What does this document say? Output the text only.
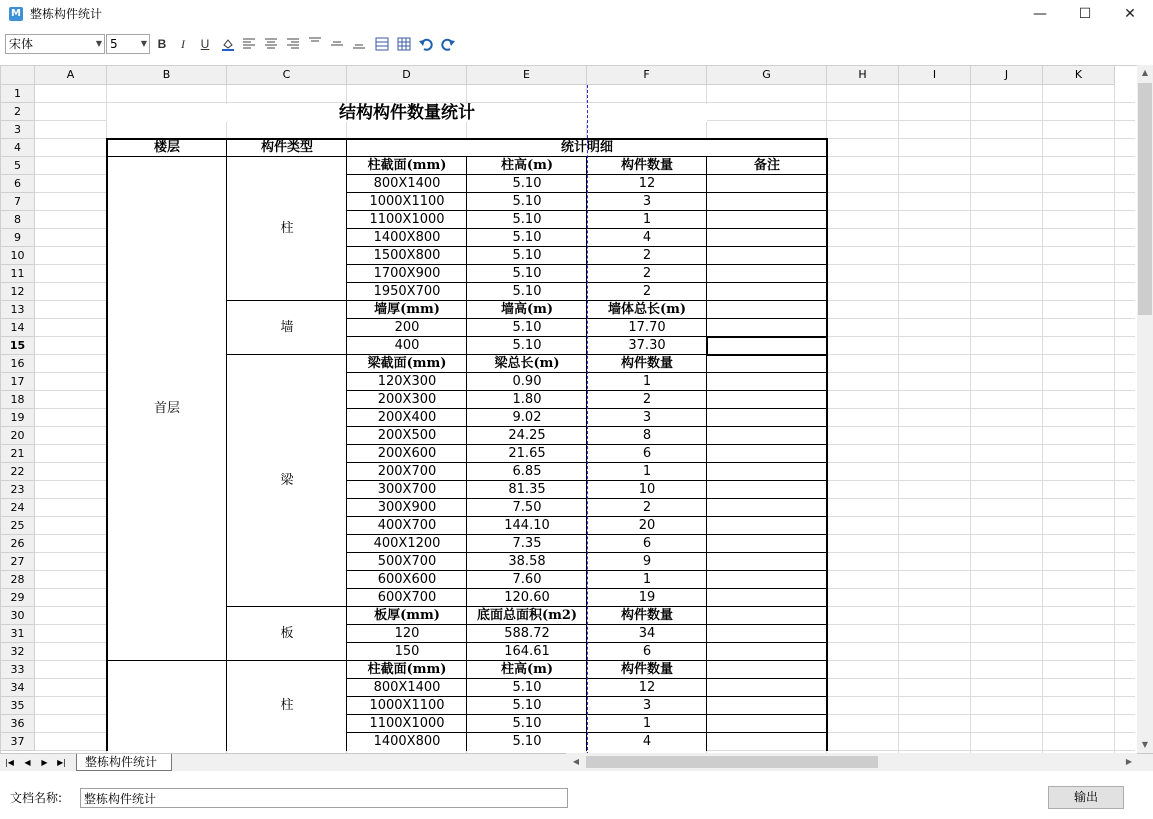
M 整栋构件统计	—	☐	✕
宋体	▼ 5	▼ B	I	U
A	B	C	D	E	F	G	H	I	J	K
1
2
3
4
5
6
7
8
9
10
11
12
13
14
15
16
17
18
19
20
21
22
23
24
25
26
27
28
29
30
31
32
33
34
35
36
37
结构构件数量统计
楼层	构件类型	统计明细
柱
柱截面(mm)	柱高(m)	构件数量	备注
800X1400	5.10	12
1000X1100	5.10	3
1100X1000	5.10	1
1400X800	5.10	4
1500X800	5.10	2
1700X900	5.10	2
1950X700	5.10	2
墙
墙厚(mm)	墙高(m)	墙体总长(m)
200	5.10	17.70
400	5.10	37.30
梁
梁截面(mm)	梁总长(m)	构件数量
120X300	0.90	1
200X300	1.80	2
200X400	9.02	3
200X500	24.25	8
200X600	21.65	6
200X700	6.85	1
300X700	81.35	10
300X900	7.50	2
400X700	144.10	20
400X1200	7.35	6
500X700	38.58	9
600X600	7.60	1
600X700	120.60	19
板
板厚(mm)	底面总面积(m2)	构件数量
120	588.72	34
150	164.61	6
柱
柱截面(mm)	柱高(m)	构件数量
800X1400	5.10	12
1000X1100	5.10	3
1100X1000	5.10	1
1400X800	5.10	4
首层
▲
▼
|◀	◀	▶	▶|	整栋构件统计	◀	▶
文档名称:
整栋构件统计	输出
